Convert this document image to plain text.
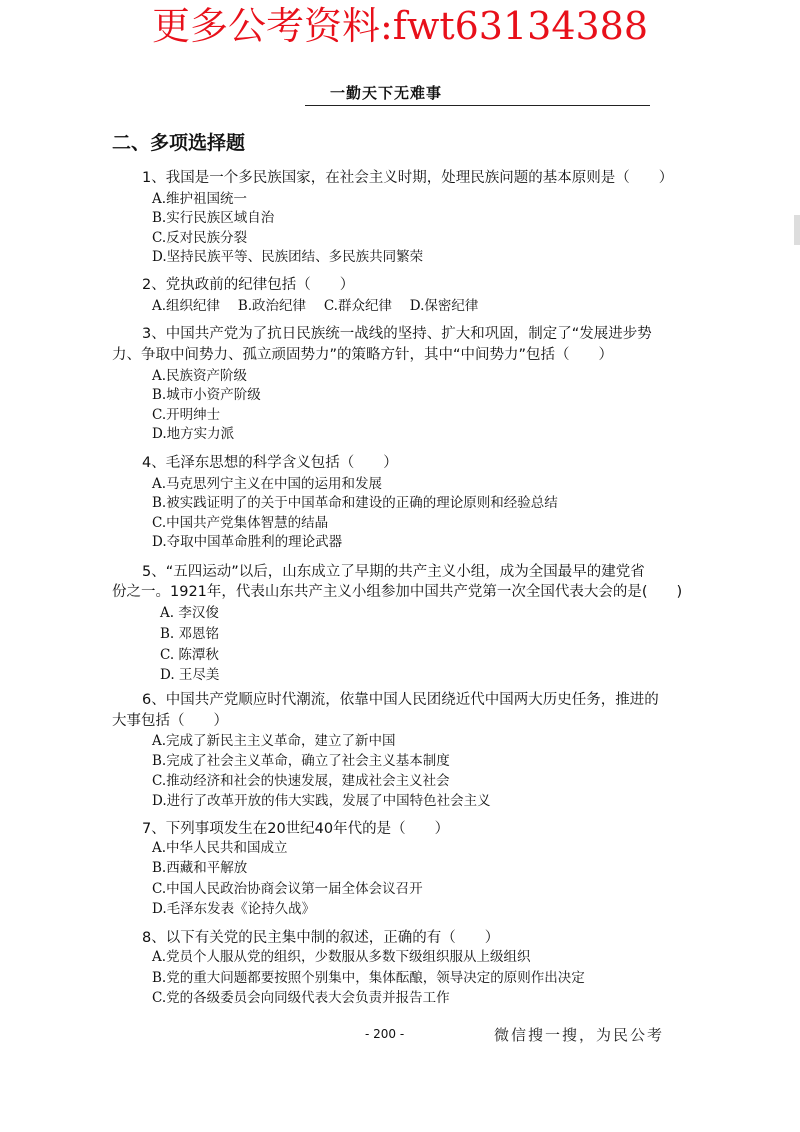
更多公考资料:fwt63134388
一勤天下无难事
二、多项选择题
1、我国是一个多民族国家，在社会主义时期，处理民族问题的基本原则是（　　）
A.维护祖国统一
B.实行民族区域自治
C.反对民族分裂
D.坚持民族平等、民族团结、多民族共同繁荣
2、党执政前的纪律包括（　　）
A.组织纪律　 B.政治纪律　 C.群众纪律　 D.保密纪律
3、中国共产党为了抗日民族统一战线的坚持、扩大和巩固，制定了“发展进步势
力、争取中间势力、孤立顽固势力”的策略方针，其中“中间势力”包括（　　）
A.民族资产阶级
B.城市小资产阶级
C.开明绅士
D.地方实力派
4、毛泽东思想的科学含义包括（　　）
A.马克思列宁主义在中国的运用和发展
B.被实践证明了的关于中国革命和建设的正确的理论原则和经验总结
C.中国共产党集体智慧的结晶
D.夺取中国革命胜利的理论武器
5、“五四运动”以后，山东成立了早期的共产主义小组，成为全国最早的建党省
份之一。1921年，代表山东共产主义小组参加中国共产党第一次全国代表大会的是(　　)
A. 李汉俊
B. 邓恩铭
C. 陈潭秋
D. 王尽美
6、中国共产党顺应时代潮流，依靠中国人民团绕近代中国两大历史任务，推进的
大事包括（　　）
A.完成了新民主主义革命，建立了新中国
B.完成了社会主义革命，确立了社会主义基本制度
C.推动经济和社会的快速发展，建成社会主义社会
D.进行了改革开放的伟大实践，发展了中国特色社会主义
7、下列事项发生在20世纪40年代的是（　　）
A.中华人民共和国成立
B.西藏和平解放
C.中国人民政治协商会议第一届全体会议召开
D.毛泽东发表《论持久战》
8、以下有关党的民主集中制的叙述，正确的有（　　）
A.党员个人服从党的组织，少数服从多数下级组织服从上级组织
B.党的重大问题都要按照个别集中，集体酝酿，领导决定的原则作出决定
C.党的各级委员会向同级代表大会负责并报告工作
- 200 -	微信搜一搜，为民公考
